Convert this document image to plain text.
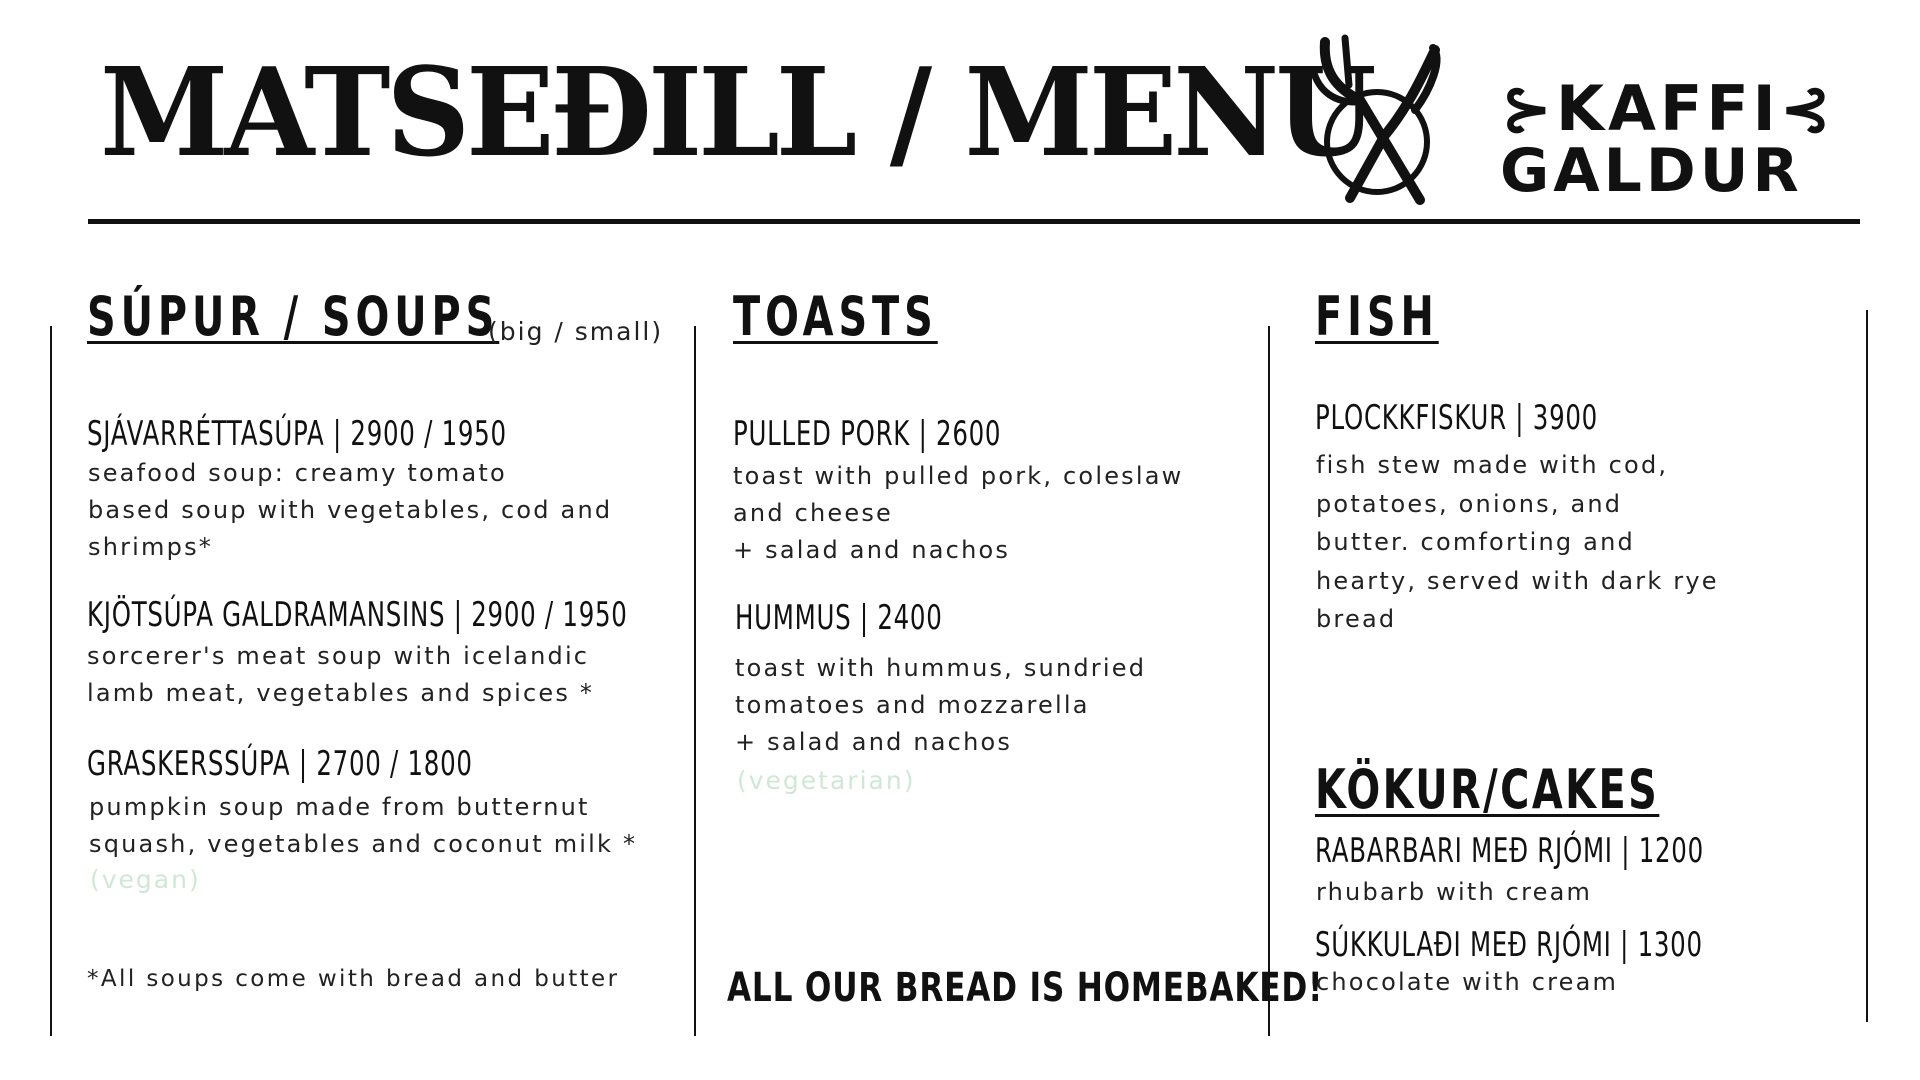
MATSEÐILL / MENU ⊱KAFFI⊰
GALDUR
SÚPUR / SOUPS
(big / small)
SJÁVARRÉTTASÚPA | 2900 / 1950
seafood soup: creamy tomato
based soup with vegetables, cod and
shrimps*
KJÖTSÚPA GALDRAMANSINS | 2900 / 1950
sorcerer's meat soup with icelandic
lamb meat, vegetables and spices *
GRASKERSSÚPA | 2700 / 1800
pumpkin soup made from butternut
squash, vegetables and coconut milk *
(vegan)
*All soups come with bread and butter
TOASTS
PULLED PORK | 2600
toast with pulled pork, coleslaw
and cheese
+ salad and nachos
HUMMUS | 2400
toast with hummus, sundried
tomatoes and mozzarella
+ salad and nachos
(vegetarian)
ALL OUR BREAD IS HOMEBAKED!
FISH
PLOCKKFISKUR | 3900
fish stew made with cod,
potatoes, onions, and
butter. comforting and
hearty, served with dark rye
bread
KÖKUR/CAKES
RABARBARI MEÐ RJÓMI | 1200
rhubarb with cream
SÚKKULAÐI MEÐ RJÓMI | 1300
chocolate with cream
